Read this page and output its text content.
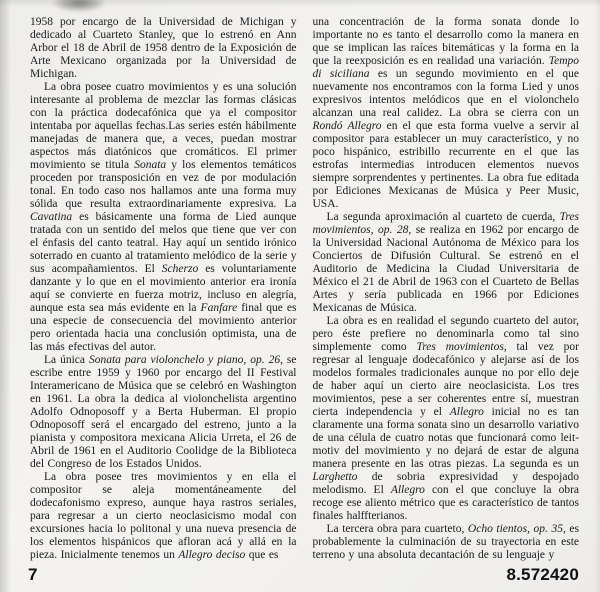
1958 por encargo de la Universidad de Michigan y dedicado al Cuarteto Stanley, que lo estrenó en Ann Arbor el 18 de Abril de 1958 dentro de la Exposición de Arte Mexicano organizada por la Universidad de Michigan.

La obra posee cuatro movimientos y es una solución interesante al problema de mezclar las formas clásicas con la práctica dodecafónica que ya el compositor intentaba por aquellas fechas.Las series estén hábilmente manejadas de manera que, a veces, puedan mostrar aspectos más diatónicos que cromáticos. El primer movimiento se titula Sonata y los elementos temáticos proceden por transposición en vez de por modulación tonal. En todo caso nos hallamos ante una forma muy sólida que resulta extraordinariamente expresiva. La Cavatina es básicamente una forma de Lied aunque tratada con un sentido del melos que tiene que ver con el énfasis del canto teatral. Hay aquí un sentido irónico soterrado en cuanto al tratamiento melódico de la serie y sus acompañamientos. El Scherzo es voluntariamente danzante y lo que en el movimiento anterior era ironía aquí se convierte en fuerza motriz, incluso en alegría, aunque esta sea más evidente en la Fanfare final que es una especie de consecuencia del movimiento anterior pero orientada hacia una conclusión optimista, una de las más efectivas del autor.

La única Sonata para violonchelo y piano, op. 26, se escribe entre 1959 y 1960 por encargo del II Festival Interamericano de Música que se celebró en Washington en 1961. La obra la dedica al violonchelista argentino Adolfo Odnoposoff y a Berta Huberman. El propio Odnoposoff será el encargado del estreno, junto a la pianista y compositora mexicana Alicia Urreta, el 26 de Abril de 1961 en el Auditorio Coolidge de la Biblioteca del Congreso de los Estados Unidos.

La obra posee tres movimientos y en ella el compositor se aleja momentáneamente del dodecafonismo expreso, aunque haya rastros seriales, para regresar a un cierto neoclasicismo modal con excursiones hacia lo politonal y una nueva presencia de los elementos hispánicos que afloran acá y allá en la pieza. Inicialmente tenemos un Allegro deciso que es

una concentración de la forma sonata donde lo importante no es tanto el desarrollo como la manera en que se implican las raíces bitemáticas y la forma en la que la reexposición es en realidad una variación. Tempo di siciliana es un segundo movimiento en el que nuevamente nos encontramos con la forma Lied y unos expresivos intentos melódicos que en el violonchelo alcanzan una real calidez. La obra se cierra con un Rondó Allegro en el que esta forma vuelve a servir al compositor para establecer un muy característico, y no poco hispánico, estribillo recurrente en el que las estrofas intermedias introducen elementos nuevos siempre sorprendentes y pertinentes. La obra fue editada por Ediciones Mexicanas de Música y Peer Music, USA.

La segunda aproximación al cuarteto de cuerda, Tres movimientos, op. 28, se realiza en 1962 por encargo de la Universidad Nacional Autónoma de México para los Conciertos de Difusión Cultural. Se estrenó en el Auditorio de Medicina la Ciudad Universitaria de México el 21 de Abril de 1963 con el Cuarteto de Bellas Artes y sería publicada en 1966 por Ediciones Mexicanas de Música.

La obra es en realidad el segundo cuarteto del autor, pero éste prefiere no denominarla como tal sino simplemente como Tres movimientos, tal vez por regresar al lenguaje dodecafónico y alejarse así de los modelos formales tradicionales aunque no por ello deje de haber aquí un cierto aire neoclasicista. Los tres movimientos, pese a ser coherentes entre sí, muestran cierta independencia y el Allegro inicial no es tan claramente una forma sonata sino un desarrollo variativo de una célula de cuatro notas que funcionará como leit-motiv del movimiento y no dejará de estar de alguna manera presente en las otras piezas. La segunda es un Larghetto de sobria expresividad y despojado melodismo. El Allegro con el que concluye la obra recoge ese aliento métrico que es característico de tantos finales halffterianos.

La tercera obra para cuarteto, Ocho tientos, op. 35, es probablemente la culminación de su trayectoria en este terreno y una absoluta decantación de su lenguaje y

7	8.572420
